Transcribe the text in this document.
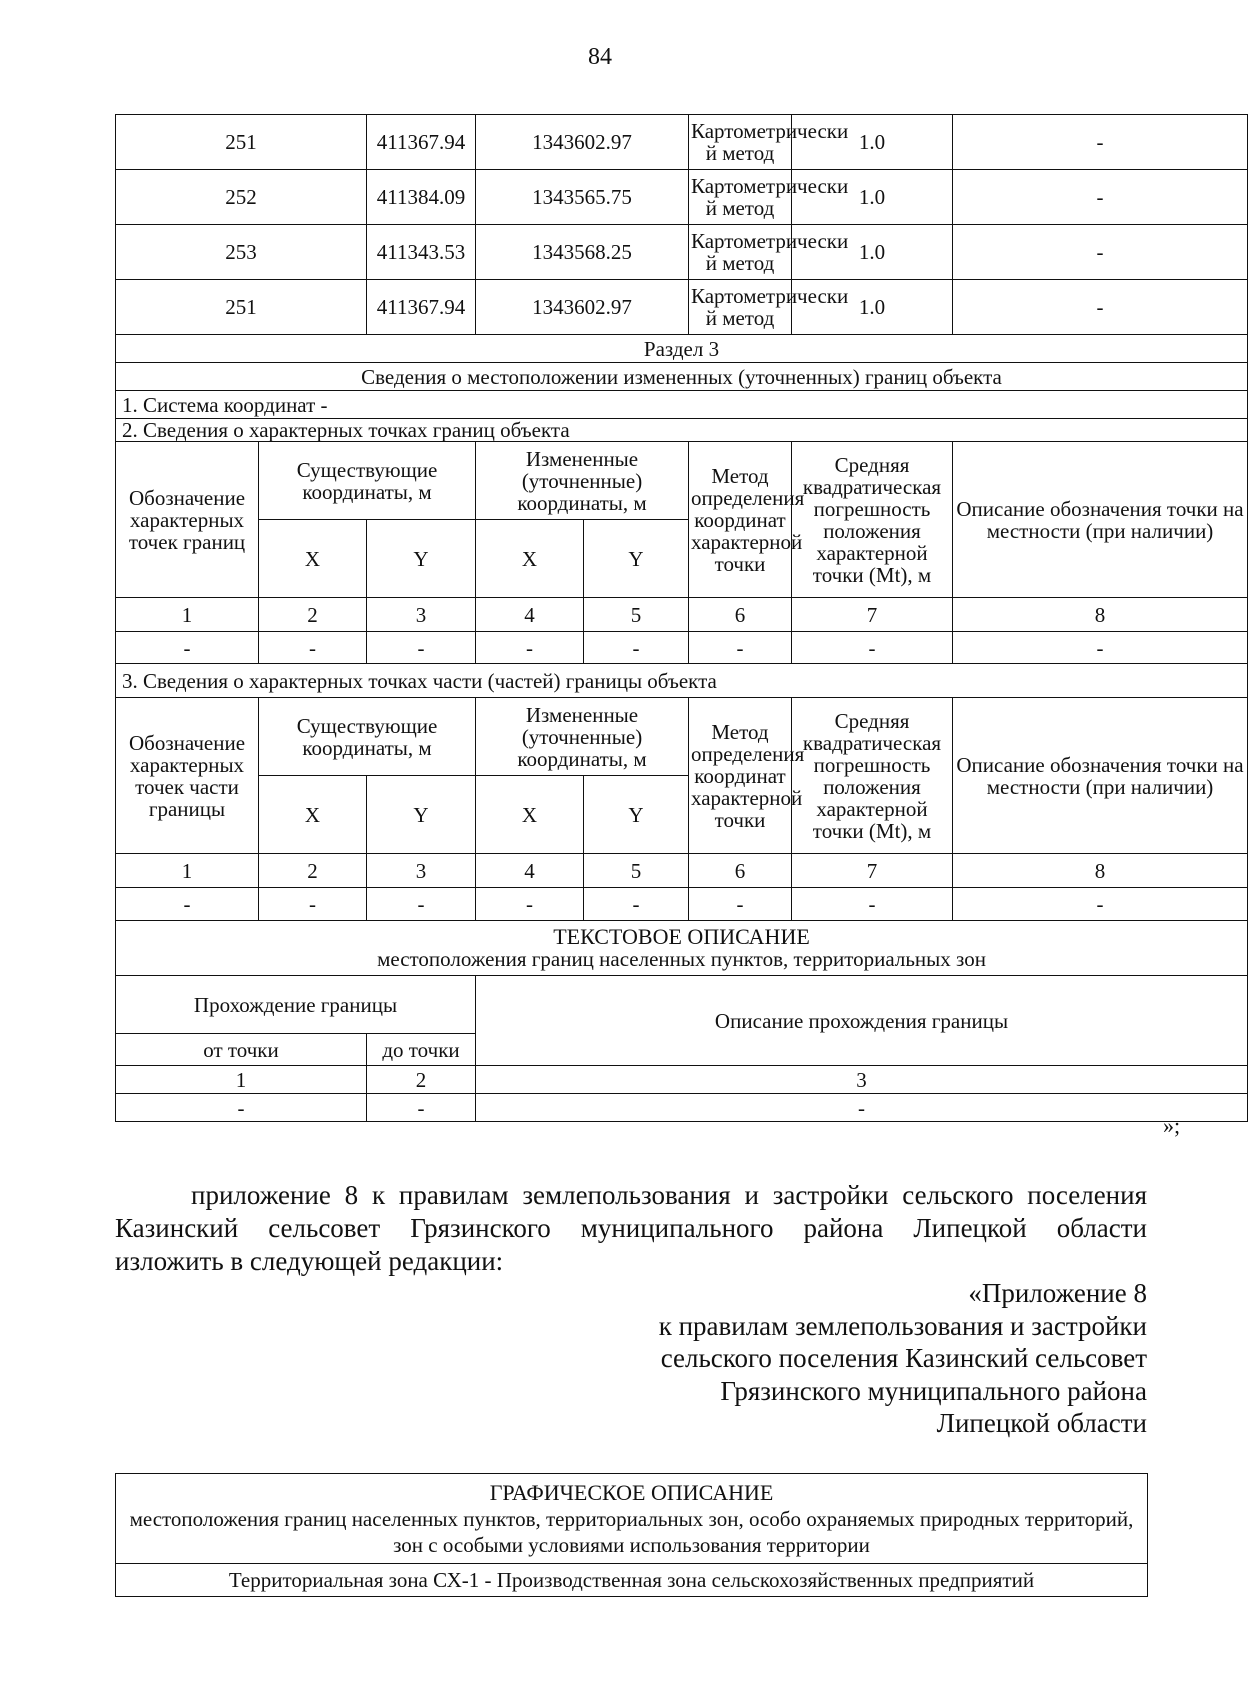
84
251		411367.94	1343602.97		Картометрически й метод	1.0	-
252		411384.09	1343565.75		Картометрически й метод	1.0	-
253		411343.53	1343568.25		Картометрически й метод	1.0	-
251		411367.94	1343602.97		Картометрически й метод	1.0	-
Раздел 3							
Сведения о местоположении измененных (уточненных) границ объекта							
1. Система координат -							
2. Сведения о характерных точках границ объекта							
Обозначение характерных точек границ	Существующие координаты, м		Измененные (уточненные) координаты, м		Метод определения координат характерной точки	Средняя квадратическая погрешность положения характерной точки (Mt), м	Описание обозначения точки на местности (при наличии)
	X	Y	X	Y			
1	2	3	4	5	6	7	8
-	-	-	-	-	-	-	-
3. Сведения о характерных точках части (частей) границы объекта							
Обозначение характерных точек части границы	Существующие координаты, м		Измененные (уточненные) координаты, м		Метод определения координат характерной точки	Средняя квадратическая погрешность положения характерной точки (Mt), м	Описание обозначения точки на местности (при наличии)
	X	Y	X	Y			
1	2	3	4	5	6	7	8
-	-	-	-	-	-	-	-

ТЕКСТОВОЕ ОПИСАНИЕ
местоположения границ населенных пунктов, территориальных зон							

Прохождение границы			Описание прохождения границы				
от точки		до точки					
1		2	3				
-		-	-				
»;
приложение 8 к правилам землепользования и застройки сельского поселения
Казинский сельсовет Грязинского муниципального района Липецкой области
изложить в следующей редакции:
«Приложение 8
к правилам землепользования и застройки
сельского поселения Казинский сельсовет
Грязинского муниципального района
Липецкой области
ГРАФИЧЕСКОЕ ОПИСАНИЕ
местоположения границ населенных пунктов, территориальных зон, особо охраняемых природных территорий, зон с особыми условиями использования территории

Территориальная зона СХ-1 - Производственная зона сельскохозяйственных предприятий
